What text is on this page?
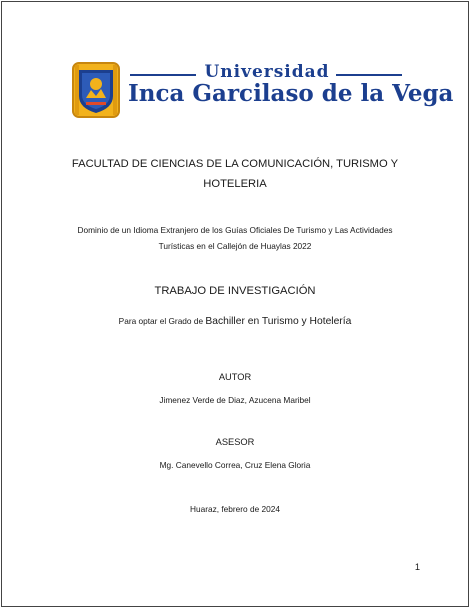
Universidad
Inca Garcilaso de la Vega
FACULTAD DE CIENCIAS DE LA COMUNICACIÓN, TURISMO Y
HOTELERIA
Dominio de un Idioma Extranjero de los Guías Oficiales De Turismo y Las Actividades
Turísticas en el Callejón de Huaylas 2022
TRABAJO DE INVESTIGACIÓN
Para optar el Grado de Bachiller en Turismo y Hotelería
AUTOR
Jimenez Verde de Diaz, Azucena Maribel
ASESOR
Mg. Canevello Correa, Cruz Elena Gloria
Huaraz, febrero de 2024
1
